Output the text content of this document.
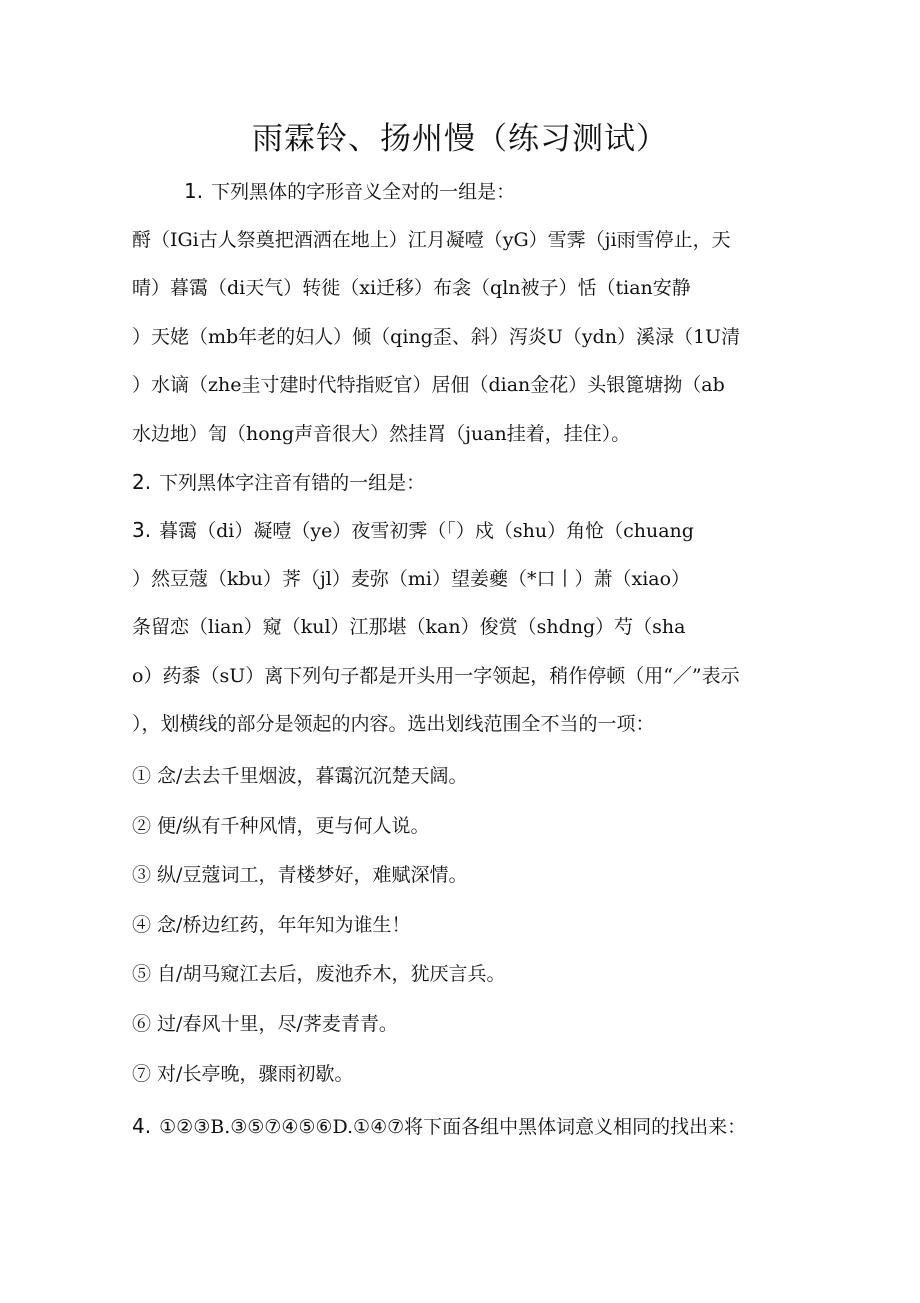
雨霖铃、扬州慢（练习测试）
1. 下列黑体的字形音义全对的一组是：
酹（IGi古人祭奠把酒洒在地上）江月凝噎（yG）雪霁（ji雨雪停止，天
晴）暮霭（di天气）转徙（xi迁移）布衾（qln被子）恬（tian安静
）天姥（mb年老的妇人）倾（qing歪、斜）泻炎U（ydn）溪渌（1U清
）水谪（zhe圭寸建时代特指贬官）居佃（dian金花）头银篦塘拗（ab
水边地）訇（hong声音很大）然挂罥（juan挂着，挂住）。
2. 下列黑体字注音有错的一组是：
3. 暮霭（di）凝噎（ye）夜雪初霁（｢）戍（shu）角怆（chuang
）然豆蔻（kbu）荠（jl）麦弥（mi）望姜夔（*口丨）萧（xiao）
条留恋（lian）窥（kul）江那堪（kan）俊赏（shdng）芍（sha
o）药黍（sU）离下列句子都是开头用一字领起，稍作停顿（用“／”表示
），划横线的部分是领起的内容。选出划线范围全不当的一项：
① 念/去去千里烟波，暮霭沉沉楚天阔。
② 便/纵有千种风情，更与何人说。
③ 纵/豆蔻词工，青楼梦好，难赋深情。
④ 念/桥边红药，年年知为谁生！
⑤ 自/胡马窥江去后，废池乔木，犹厌言兵。
⑥ 过/春风十里，尽/荠麦青青。
⑦ 对/长亭晚，骤雨初歇。
4. ①②③B.③⑤⑦④⑤⑥D.①④⑦将下面各组中黑体词意义相同的找出来：
